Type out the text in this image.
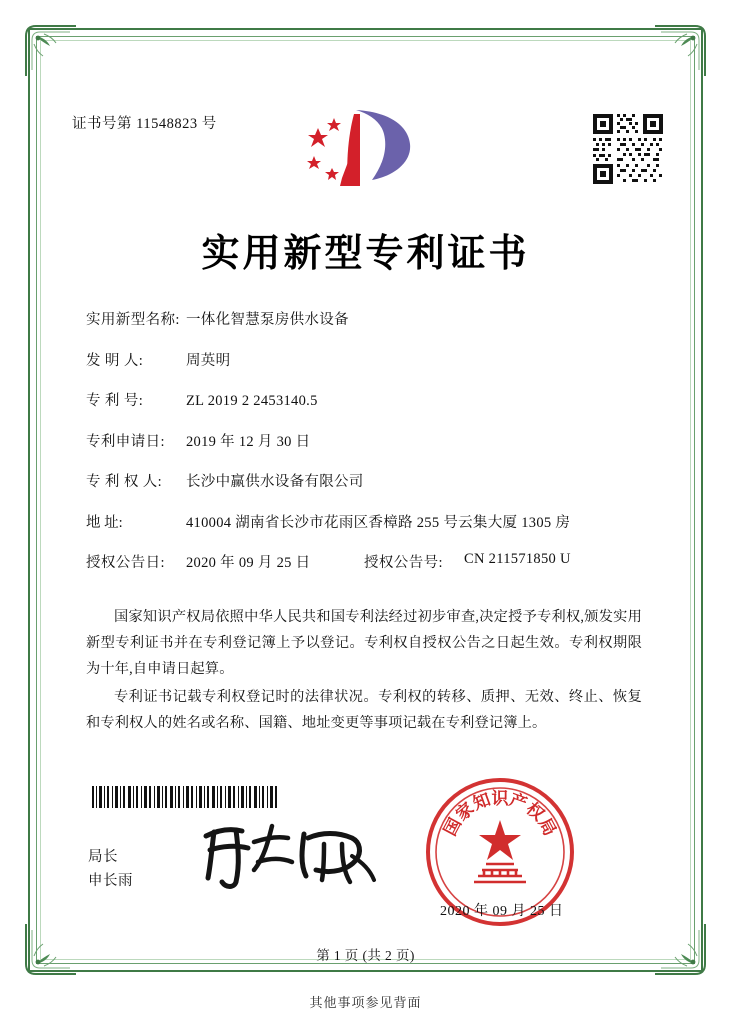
证书号第 11548823 号
实用新型专利证书
实用新型名称: 一体化智慧泵房供水设备
发 明 人:	周英明
专 利 号:	ZL 2019 2 2453140.5
专利申请日:	2019 年 12 月 30 日
专 利 权 人:	长沙中赢供水设备有限公司
地 址:	410004 湖南省长沙市花雨区香樟路 255 号云集大厦 1305 房
授权公告日:	2020 年 09 月 25 日	授权公告号:	CN 211571850 U

国家知识产权局依照中华人民共和国专利法经过初步审查,决定授予专利权,颁发实用新型专利证书并在专利登记簿上予以登记。专利权自授权公告之日起生效。专利权期限为十年,自申请日起算。

专利证书记载专利权登记时的法律状况。专利权的转移、质押、无效、终止、恢复和专利权人的姓名或名称、国籍、地址变更等事项记载在专利登记簿上。

局长
申长雨
国
家
知
识
产
权
局
2020 年 09 月 25 日
第 1 页 (共 2 页)
其他事项参见背面
